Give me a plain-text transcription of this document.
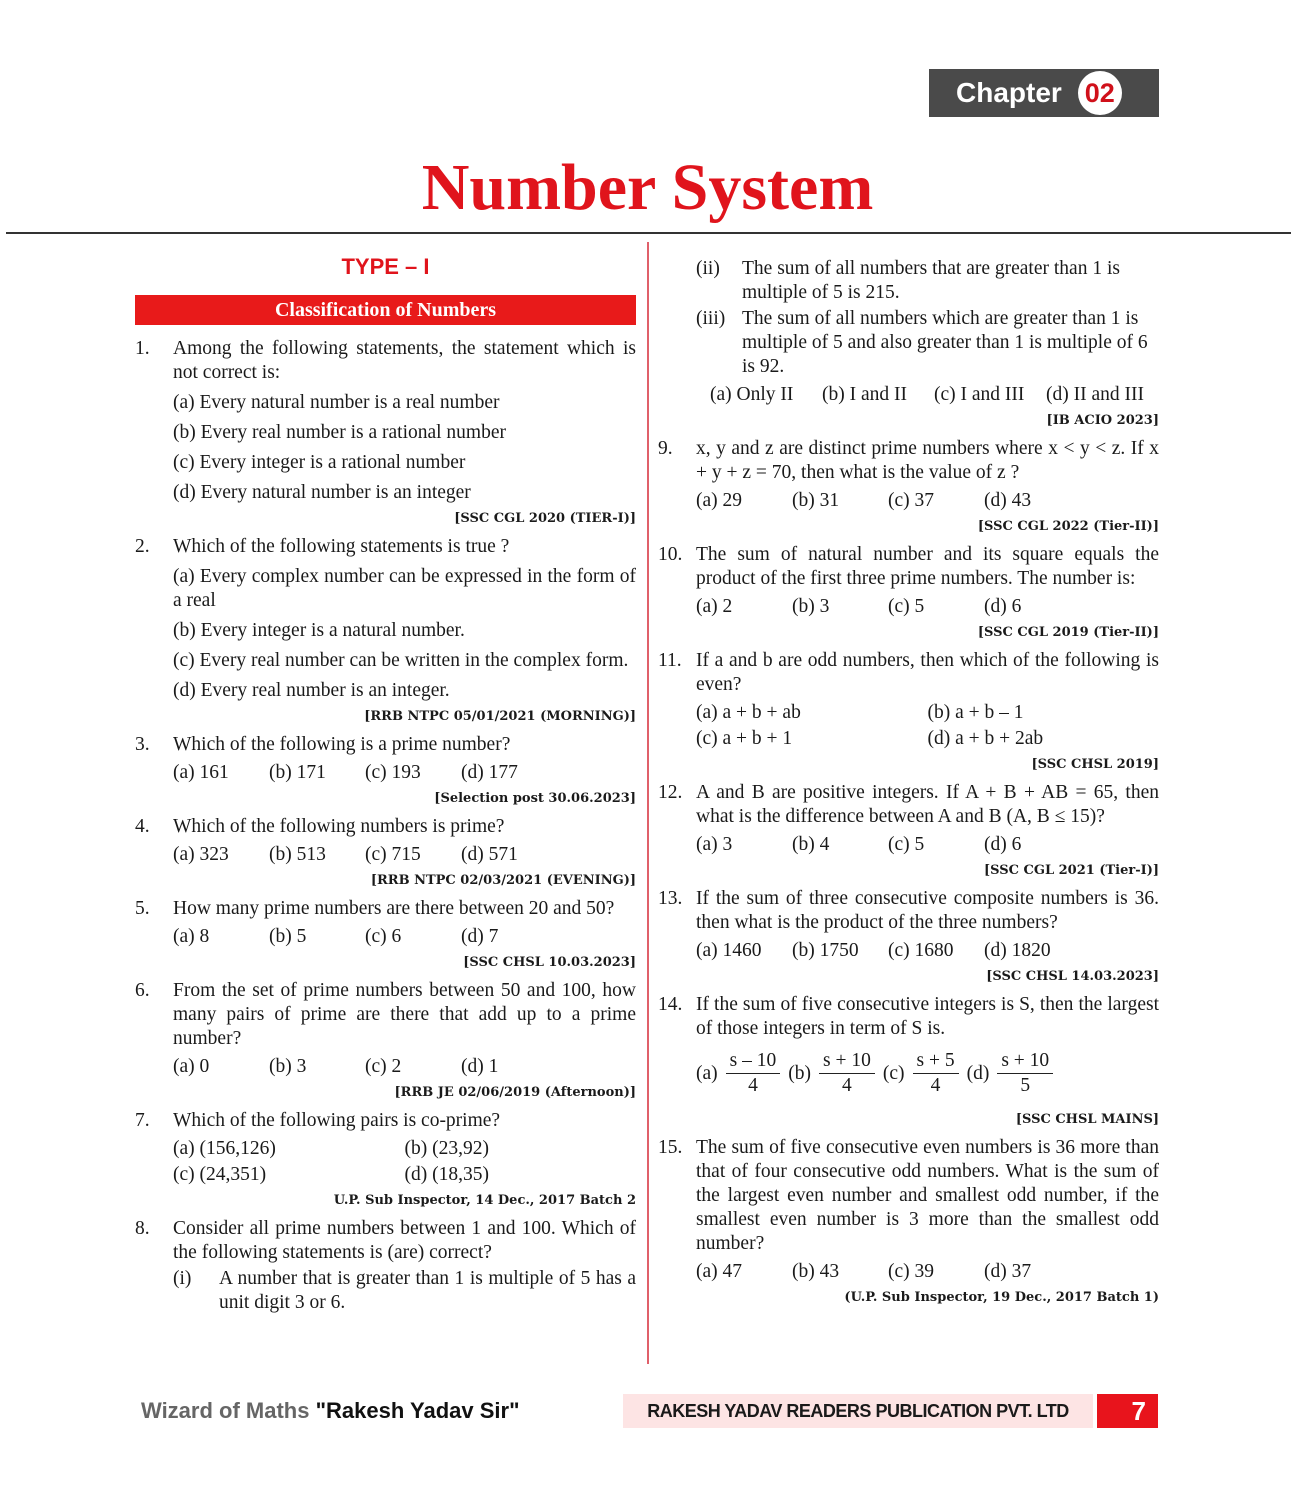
Chapter 02
Number System
TYPE – I
Classification of Numbers
1.	Among the following statements, the statement which is not correct is:
(a) Every natural number is a real number
(b) Every real number is a rational number
(c) Every integer is a rational number
(d) Every natural number is an integer
[SSC CGL 2020 (TIER-I)]
2.	Which of the following statements is true ?
(a) Every complex number can be expressed in the form of a real
(b) Every integer is a natural number.
(c) Every real number can be written in the complex form.
(d) Every real number is an integer.
[RRB NTPC 05/01/2021 (MORNING)]
3.	Which of the following is a prime number?
(a) 161	(b) 171	(c) 193	(d) 177
[Selection post 30.06.2023]
4.	Which of the following numbers is prime?
(a) 323	(b) 513	(c) 715	(d) 571
[RRB NTPC 02/03/2021 (EVENING)]
5.	How many prime numbers are there between 20 and 50?
(a) 8	(b) 5	(c) 6	(d) 7
[SSC CHSL 10.03.2023]
6.	From the set of prime numbers between 50 and 100, how many pairs of prime are there that add up to a prime number?
(a) 0	(b) 3	(c) 2	(d) 1
[RRB JE 02/06/2019 (Afternoon)]
7.	Which of the following pairs is co-prime?
(a) (156,126)	(b) (23,92)
(c) (24,351)	(d) (18,35)
U.P. Sub Inspector, 14 Dec., 2017 Batch 2
8.	Consider all prime numbers between 1 and 100. Which of the following statements is (are) correct?
(i)	A number that is greater than 1 is multiple of 5 has a unit digit 3 or 6.
(ii)	The sum of all numbers that are greater than 1 is multiple of 5 is 215.
(iii) The sum of all numbers which are greater than 1 is multiple of 5 and also greater than 1 is multiple of 6 is 92.
(a) Only II	(b) I and II	(c) I and III	(d) II and III
[IB ACIO 2023]
9.	x, y and z are distinct prime numbers where x < y < z. If x + y + z = 70, then what is the value of z ?
(a) 29	(b) 31	(c) 37	(d) 43
[SSC CGL 2022 (Tier-II)]
10. The sum of natural number and its square equals the product of the first three prime numbers. The number is:
(a) 2	(b) 3	(c) 5	(d) 6
[SSC CGL 2019 (Tier-II)]
11. If a and b are odd numbers, then which of the following is even?
(a) a + b + ab	(b) a + b – 1
(c) a + b + 1	(d) a + b + 2ab
[SSC CHSL 2019]
12. A and B are positive integers. If A + B + AB = 65, then what is the difference between A and B (A, B ≤ 15)?
(a) 3	(b) 4	(c) 5	(d) 6
[SSC CGL 2021 (Tier-I)]
13. If the sum of three consecutive composite numbers is 36. then what is the product of the three numbers?
(a) 1460	(b) 1750	(c) 1680	(d) 1820
[SSC CHSL 14.03.2023]
14. If the sum of five consecutive integers is S, then the largest of those integers in term of S is.
$(a) \frac{s - 10}{4} (b) \frac{s + 10}{4} (c) \frac{s + 5}{4} (d) \frac{s + 10}{5}$
[SSC CHSL MAINS]
15. The sum of five consecutive even numbers is 36 more than that of four consecutive odd numbers. What is the sum of the largest even number and smallest odd number, if the smallest even number is 3 more than the smallest odd number?
(a) 47	(b) 43	(c) 39	(d) 37
(U.P. Sub Inspector, 19 Dec., 2017 Batch 1)
Wizard of Maths "Rakesh Yadav Sir"	RAKESH YADAV READERS PUBLICATION PVT. LTD	7
